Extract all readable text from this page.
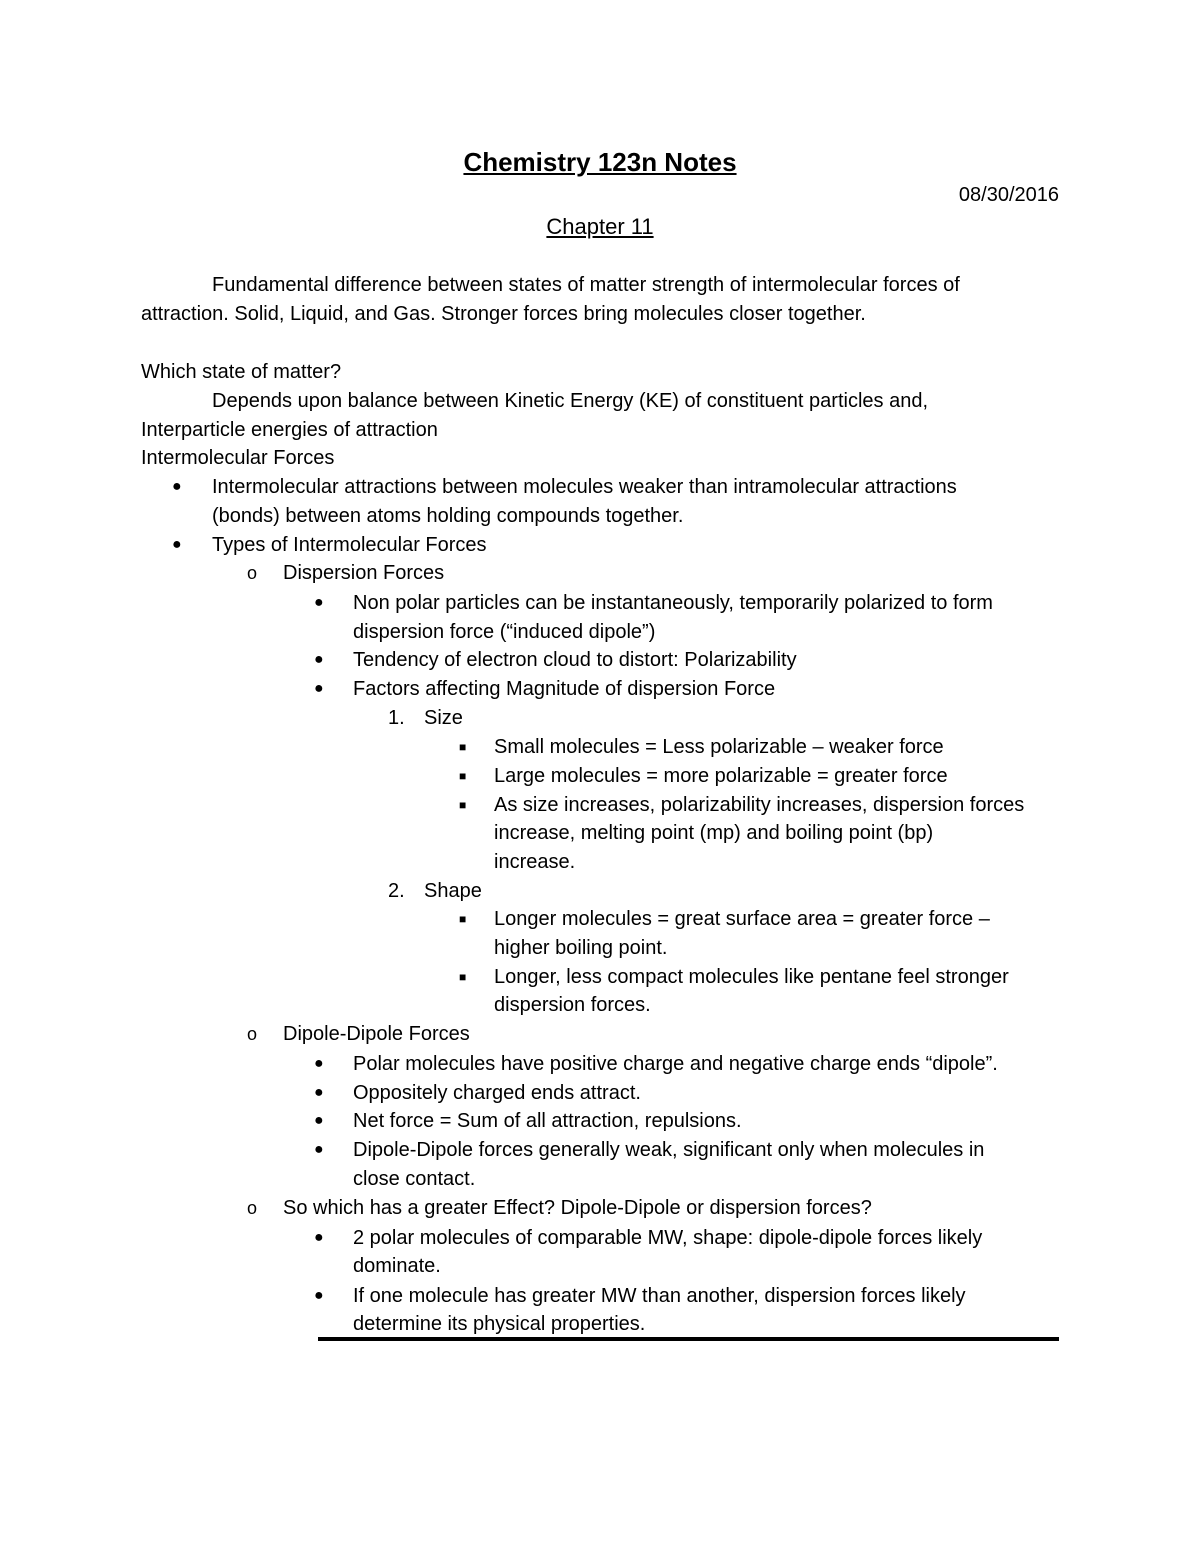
Chemistry 123n Notes
08/30/2016
Chapter 11
Fundamental difference between states of matter strength of intermolecular forces of
attraction. Solid, Liquid, and Gas. Stronger forces bring molecules closer together.
Which state of matter?
Depends upon balance between Kinetic Energy (KE) of constituent particles and,
Interparticle energies of attraction
Intermolecular Forces
● Intermolecular attractions between molecules weaker than intramolecular attractions
(bonds) between atoms holding compounds together.
● Types of Intermolecular Forces
o Dispersion Forces
● Non polar particles can be instantaneously, temporarily polarized to form
dispersion force (“induced dipole”)
● Tendency of electron cloud to distort: Polarizability
● Factors affecting Magnitude of dispersion Force
1. Size
■ Small molecules = Less polarizable – weaker force
■ Large molecules = more polarizable = greater force
■ As size increases, polarizability increases, dispersion forces
increase, melting point (mp) and boiling point (bp)
increase.
2. Shape
■ Longer molecules = great surface area = greater force –
higher boiling point.
■ Longer, less compact molecules like pentane feel stronger
dispersion forces.
o Dipole-Dipole Forces
● Polar molecules have positive charge and negative charge ends “dipole”.
● Oppositely charged ends attract.
● Net force = Sum of all attraction, repulsions.
● Dipole-Dipole forces generally weak, significant only when molecules in
close contact.
o So which has a greater Effect? Dipole-Dipole or dispersion forces?
● 2 polar molecules of comparable MW, shape: dipole-dipole forces likely
dominate.
● If one molecule has greater MW than another, dispersion forces likely
determine its physical properties.
